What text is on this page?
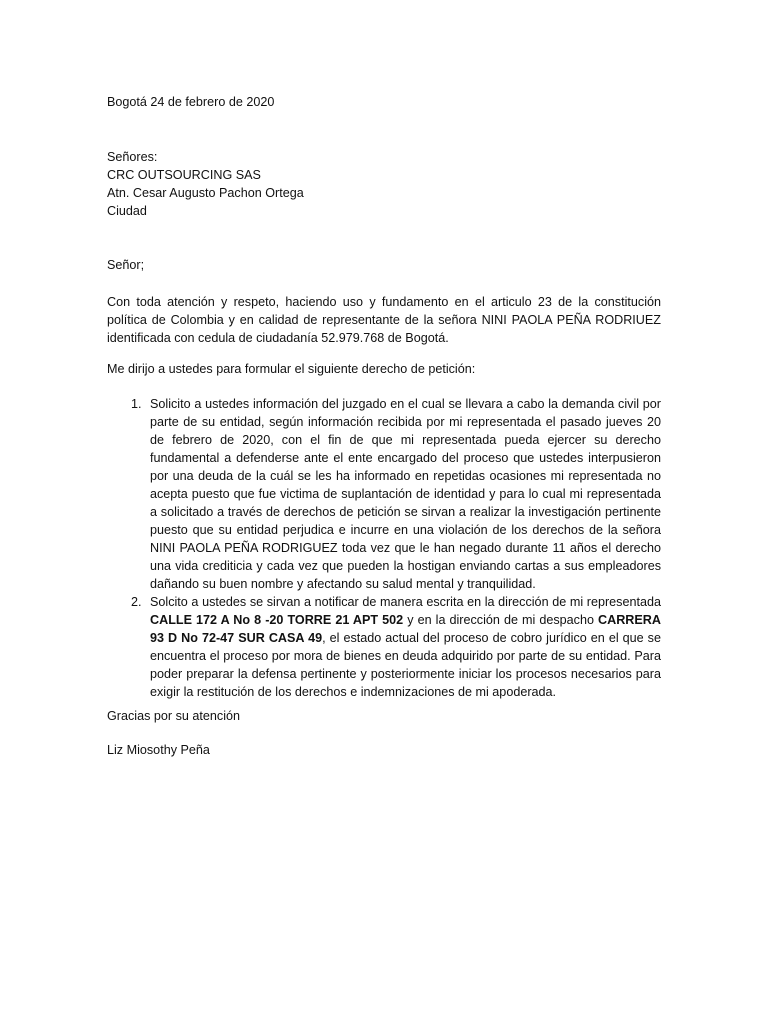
Bogotá 24 de febrero de 2020
Señores:
CRC OUTSOURCING SAS
Atn. Cesar Augusto Pachon Ortega
Ciudad
Señor;
Con toda atención y respeto, haciendo uso y fundamento en el articulo 23 de la constitución política de Colombia y en calidad de representante de la señora NINI PAOLA PEÑA RODRIUEZ identificada con cedula de ciudadanía 52.979.768 de Bogotá.
Me dirijo a ustedes para formular el siguiente derecho de petición:
1. Solicito a ustedes información del juzgado en el cual se llevara a cabo la demanda civil por parte de su entidad, según información recibida por mi representada el pasado jueves 20 de febrero de 2020, con el fin de que mi representada pueda ejercer su derecho fundamental a defenderse ante el ente encargado del proceso que ustedes interpusieron por una deuda de la cuál se les ha informado en repetidas ocasiones mi representada no acepta puesto que fue victima de suplantación de identidad y para lo cual mi representada a solicitado a través de derechos de petición se sirvan a realizar la investigación pertinente puesto que su entidad perjudica e incurre en una violación de los derechos de la señora NINI PAOLA PEÑA RODRIGUEZ toda vez que le han negado durante 11 años el derecho una vida crediticia y cada vez que pueden la hostigan enviando cartas a sus empleadores dañando su buen nombre y afectando su salud mental y tranquilidad.
2. Solcito a ustedes se sirvan a notificar de manera escrita en la dirección de mi representada CALLE 172 A No 8 -20 TORRE 21 APT 502 y en la dirección de mi despacho CARRERA 93 D No 72-47 SUR CASA 49, el estado actual del proceso de cobro jurídico en el que se encuentra el proceso por mora de bienes en deuda adquirido por parte de su entidad. Para poder preparar la defensa pertinente y posteriormente iniciar los procesos necesarios para exigir la restitución de los derechos e indemnizaciones de mi apoderada.
Gracias por su atención
Liz Miosothy Peña
